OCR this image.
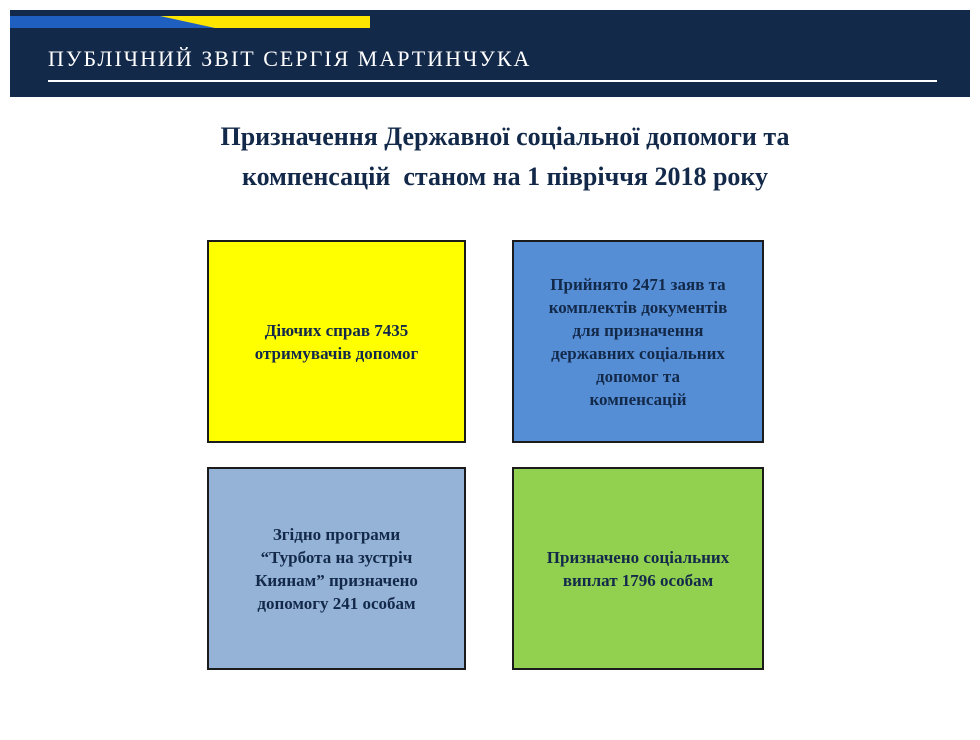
ПУБЛІЧНИЙ ЗВІТ СЕРГІЯ МАРТИНЧУКА
Призначення Державної соціальної допомоги та
компенсацій  станом на 1 півріччя 2018 року
Діючих справ 7435
отримувачів допомог
Прийнято 2471 заяв та
комплектів документів
для призначення
державних соціальних
допомог та
компенсацій
Згідно програми
“Турбота на зустріч
Киянам” призначено
допомогу 241 особам
Призначено соціальних
виплат 1796 особам
